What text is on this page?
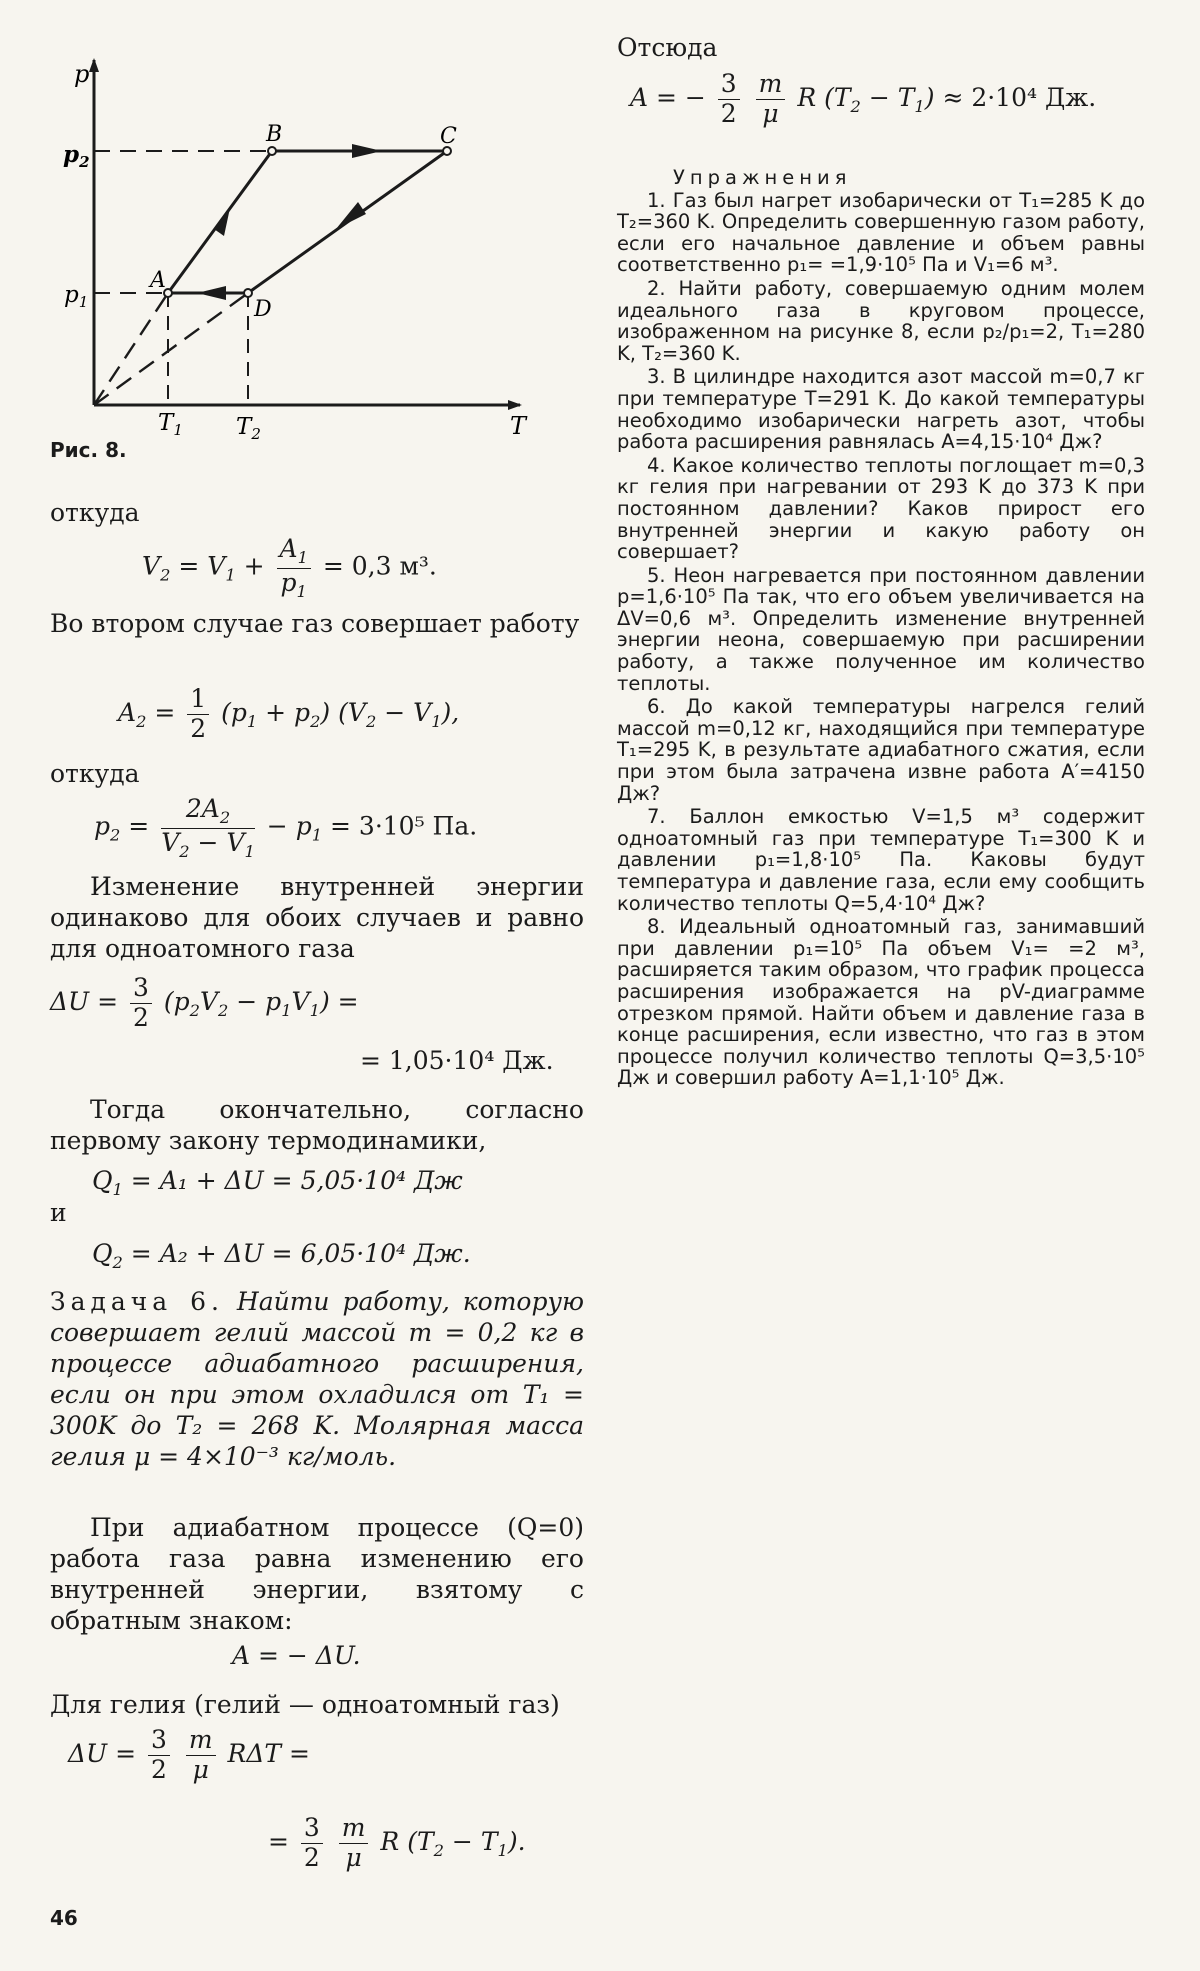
A
B	C
D
p
T
$p_2$
$p_1$
$T_1$ $T_2$
Рис. 8.
откуда
$V_2 = V_1 + \frac{A_1}{p_1} = 0,3$ м³.
Во втором случае газ совершает работу
$A_2 = \frac{1}{2} (p_1 + p_2) (V_2 - V_1)$,
откуда
$p_2 = \frac{2A_2}{V_2 - V_1} - p_1 = 3\cdot 10^5$ Па.
Изменение внутренней энергии одинаково для обоих случаев и равно для одноатомного газа
$\Delta U = \frac{3}{2} (p_2V_2 - p_1V_1)$ =
= 1,05·10⁴ Дж.
Тогда окончательно, согласно первому закону термодинамики,
$Q_1 = A_1 + \Delta U = 5,05\cdot 10^4$ Дж
и
$Q_2 = A_2 + \Delta U = 6,05\cdot 10^4$ Дж.
Задача 6. Найти работу, которую совершает гелий массой m = 0,2 кг в процессе адиабатного расширения, если он при этом охладился от T₁ = 300K до T₂ = 268 K. Молярная масса гелия μ = 4×10⁻³ кг/моль.
При адиабатном процессе (Q=0) работа газа равна изменению его внутренней энергии, взятому с обратным знаком:
A = − ΔU.
Для гелия (гелий — одноатомный газ)
$\Delta U = \frac{3}{2}$
$\frac{m}{\mu}$ RΔT =
= $\frac{3}{2}$
$\frac{m}{\mu}$ R $(T_2 - T_1)$.
46
Отсюда
A = − $\frac{3}{2}$
$\frac{m}{\mu}$ R $(T_2 - T_1) \approx 2\cdot 10^4$ Дж.
Упражнения

1. Газ был нагрет изобарически от T₁=285 K до T₂=360 K. Определить совершенную газом работу, если его начальное давление и объем равны соответственно p₁= =1,9·10⁵ Па и V₁=6 м³.

2. Найти работу, совершаемую одним молем идеального газа в круговом процессе, изображенном на рисунке 8, если p₂/p₁=2, T₁=280 K, T₂=360 K.

3. В цилиндре находится азот массой m=0,7 кг при температуре T=291 K. До какой температуры необходимо изобарически нагреть азот, чтобы работа расширения равнялась A=4,15·10⁴ Дж?

4. Какое количество теплоты поглощает m=0,3 кг гелия при нагревании от 293 K до 373 K при постоянном давлении? Каков прирост его внутренней энергии и какую работу он совершает?

5. Неон нагревается при постоянном давлении p=1,6·10⁵ Па так, что его объем увеличивается на ΔV=0,6 м³. Определить изменение внутренней энергии неона, совершаемую при расширении работу, а также полученное им количество теплоты.

6. До какой температуры нагрелся гелий массой m=0,12 кг, находящийся при температуре T₁=295 K, в результате адиабатного сжатия, если при этом была затрачена извне работа A′=4150 Дж?

7. Баллон емкостью V=1,5 м³ содержит одноатомный газ при температуре T₁=300 K и давлении p₁=1,8·10⁵ Па. Каковы будут температура и давление газа, если ему сообщить количество теплоты Q=5,4·10⁴ Дж?

8. Идеальный одноатомный газ, занимавший при давлении p₁=10⁵ Па объем V₁= =2 м³, расширяется таким образом, что график процесса расширения изображается на pV-диаграмме отрезком прямой. Найти объем и давление газа в конце расширения, если известно, что газ в этом процессе получил количество теплоты Q=3,5·10⁵ Дж и совершил работу A=1,1·10⁵ Дж.
